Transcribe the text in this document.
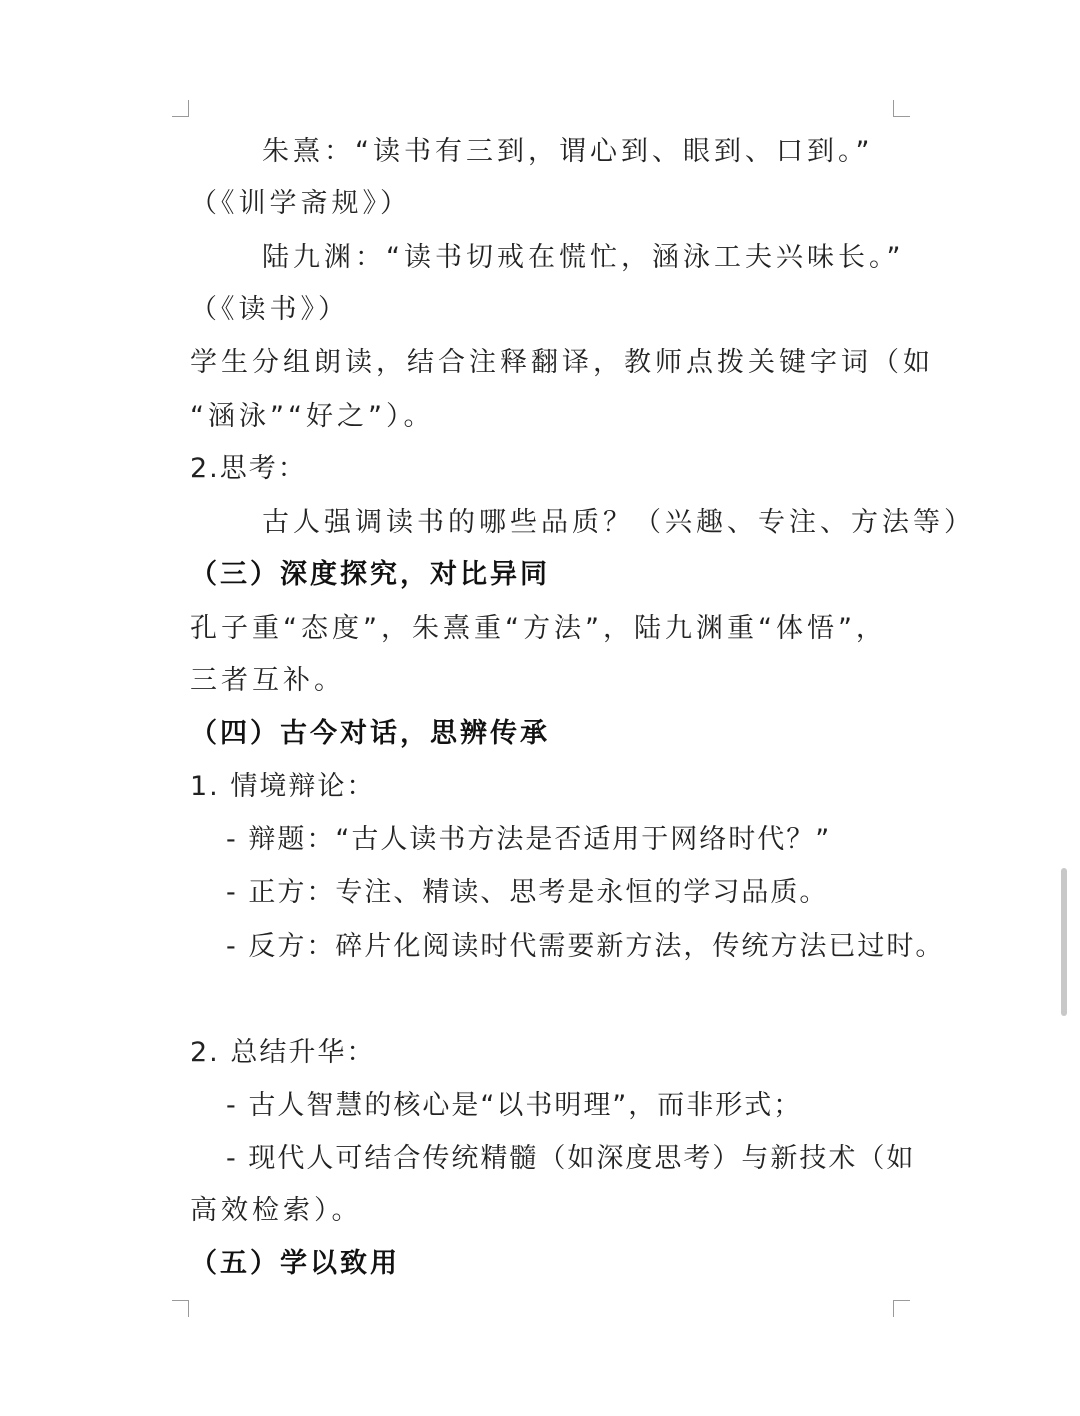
朱熹：“读书有三到，谓心到、眼到、口到。”
（《训学斋规》）
陆九渊：“读书切戒在慌忙，涵泳工夫兴味长。”
（《读书》）
学生分组朗读，结合注释翻译，教师点拨关键字词（如
“涵泳”“好之”）。
2.思考：
古人强调读书的哪些品质？（兴趣、专注、方法等）
（三）深度探究，对比异同
孔子重“态度”，朱熹重“方法”，陆九渊重“体悟”，
三者互补。
（四）古今对话，思辨传承
1. 情境辩论：
- 辩题：“古人读书方法是否适用于网络时代？”
- 正方：专注、精读、思考是永恒的学习品质。
- 反方：碎片化阅读时代需要新方法，传统方法已过时。
2. 总结升华：
- 古人智慧的核心是“以书明理”，而非形式；
- 现代人可结合传统精髓（如深度思考）与新技术（如
高效检索）。
（五）学以致用
